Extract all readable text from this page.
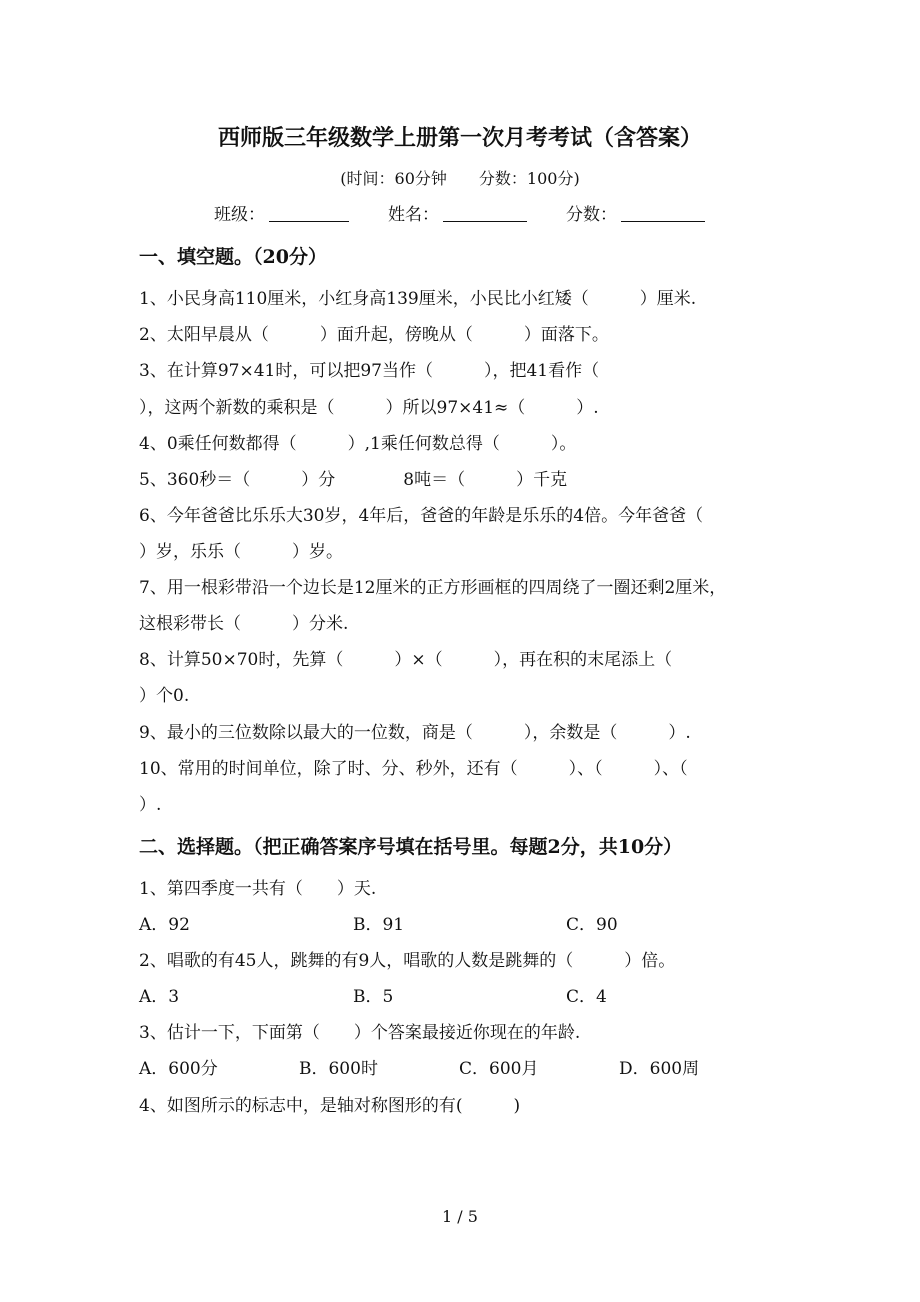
西师版三年级数学上册第一次月考考试（含答案）
(时间：60分钟　　分数：100分)
班级：	姓名：	分数：
一、填空题。（20分）
1、小民身高110厘米，小红身高139厘米，小民比小红矮（　　　）厘米.
2、太阳早晨从（　　　）面升起，傍晚从（　　　）面落下。
3、在计算97×41时，可以把97当作（　　　），把41看作（
），这两个新数的乘积是（　　　）所以97×41≈（　　　）.
4、0乘任何数都得（　　　）,1乘任何数总得（　　　）。
5、360秒＝（　　　）分　　　　8吨＝（　　　）千克
6、今年爸爸比乐乐大30岁，4年后，爸爸的年龄是乐乐的4倍。今年爸爸（
）岁，乐乐（　　　）岁。
7、用一根彩带沿一个边长是12厘米的正方形画框的四周绕了一圈还剩2厘米，
这根彩带长（　　　）分米.
8、计算50×70时，先算（　　　）×（　　　），再在积的末尾添上（
）个0.
9、最小的三位数除以最大的一位数，商是（　　　），余数是（　　　）.
10、常用的时间单位，除了时、分、秒外，还有（　　　）、（　　　）、（
）.
二、选择题。（把正确答案序号填在括号里。每题2分，共10分）
1、第四季度一共有（　　）天.
A．92	B．91	C．90
2、唱歌的有45人，跳舞的有9人，唱歌的人数是跳舞的（　　　）倍。
A．3	B．5	C．4
3、估计一下，下面第（　　）个答案最接近你现在的年龄.
A．600分	B．600时	C．600月	D．600周
4、如图所示的标志中，是轴对称图形的有(　　　)
1 / 5
